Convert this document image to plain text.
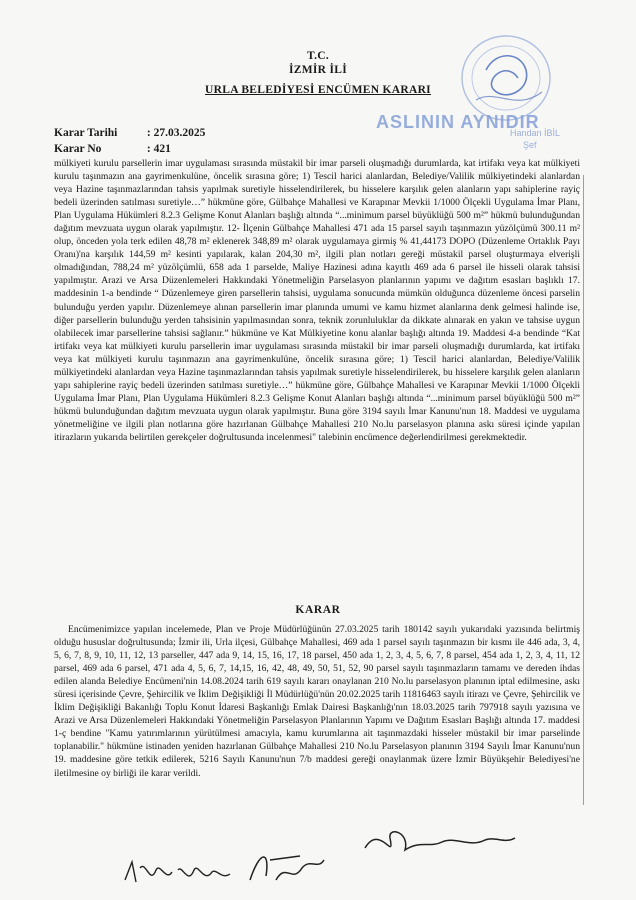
T.C.
İZMİR İLİ
URLA BELEDİYESİ ENCÜMEN KARARI
Karar Tarihi	: 27.03.2025
Karar No	: 421
ASLININ AYNIDIR
Handan İBİL
Şef

mülkiyeti kurulu parsellerin imar uygulaması sırasında müstakil bir imar parseli oluşmadığı durumlarda, kat irtifakı veya kat mülkiyeti kurulu taşınmazın ana gayrimenkulüne, öncelik sırasına göre; 1) Tescil harici alanlardan, Belediye/Valilik mülkiyetindeki alanlardan veya Hazine taşınmazlarından tahsis yapılmak suretiyle hisselendirilerek, bu hisselere karşılık gelen alanların yapı sahiplerine rayiç bedeli üzerinden satılması suretiyle…” hükmüne göre, Gülbahçe Mahallesi ve Karapınar Mevkii 1/1000 Ölçekli Uygulama İmar Planı, Plan Uygulama Hükümleri 8.2.3 Gelişme Konut Alanları başlığı altında “...minimum parsel büyüklüğü 500 m²” hükmü bulunduğundan dağıtım mevzuata uygun olarak yapılmıştır. 12- İlçenin Gülbahçe Mahallesi 471 ada 15 parsel sayılı taşınmazın yüzölçümü 300.11 m² olup, önceden yola terk edilen 48,78 m² eklenerek 348,89 m² olarak uygulamaya girmiş % 41,44173 DOPO (Düzenleme Ortaklık Payı Oranı)'na karşılık 144,59 m² kesinti yapılarak, kalan 204,30 m², ilgili plan notları gereği müstakil parsel oluşturmaya elverişli olmadığından, 788,24 m² yüzölçümlü, 658 ada 1 parselde, Maliye Hazinesi adına kayıtlı 469 ada 6 parsel ile hisseli olarak tahsisi yapılmıştır. Arazi ve Arsa Düzenlemeleri Hakkındaki Yönetmeliğin Parselasyon planlarının yapımı ve dağıtım esasları başlıklı 17. maddesinin 1-a bendinde “ Düzenlemeye giren parsellerin tahsisi, uygulama sonucunda mümkün olduğunca düzenleme öncesi parselin bulunduğu yerden yapılır. Düzenlemeye alınan parsellerin imar planında umumi ve kamu hizmet alanlarına denk gelmesi halinde ise, diğer parsellerin bulunduğu yerden tahsisinin yapılmasından sonra, teknik zorunluluklar da dikkate alınarak en yakın ve tahsise uygun olabilecek imar parsellerine tahsisi sağlanır.” hükmüne ve Kat Mülkiyetine konu alanlar başlığı altında 19. Maddesi 4-a bendinde “Kat irtifakı veya kat mülkiyeti kurulu parsellerin imar uygulaması sırasında müstakil bir imar parseli oluşmadığı durumlarda, kat irtifakı veya kat mülkiyeti kurulu taşınmazın ana gayrimenkulüne, öncelik sırasına göre; 1) Tescil harici alanlardan, Belediye/Valilik mülkiyetindeki alanlardan veya Hazine taşınmazlarından tahsis yapılmak suretiyle hisselendirilerek, bu hisselere karşılık gelen alanların yapı sahiplerine rayiç bedeli üzerinden satılması suretiyle…” hükmüne göre, Gülbahçe Mahallesi ve Karapınar Mevkii 1/1000 Ölçekli Uygulama İmar Planı, Plan Uygulama Hükümleri 8.2.3 Gelişme Konut Alanları başlığı altında “...minimum parsel büyüklüğü 500 m²” hükmü bulunduğundan dağıtım mevzuata uygun olarak yapılmıştır. Buna göre 3194 sayılı İmar Kanunu'nun 18. Maddesi ve uygulama yönetmeliğine ve ilgili plan notlarına göre hazırlanan Gülbahçe Mahallesi 210 No.lu parselasyon planına askı süresi içinde yapılan itirazların yukarıda belirtilen gerekçeler doğrultusunda incelenmesi" talebinin encümence değerlendirilmesi gerekmektedir.

KARAR

Encümenimizce yapılan incelemede, Plan ve Proje Müdürlüğünün 27.03.2025 tarih 180142 sayılı yukarıdaki yazısında belirtmiş olduğu hususlar doğrultusunda; İzmir ili, Urla ilçesi, Gülbahçe Mahallesi, 469 ada 1 parsel sayılı taşınmazın bir kısmı ile 446 ada, 3, 4, 5, 6, 7, 8, 9, 10, 11, 12, 13 parseller, 447 ada 9, 14, 15, 16, 17, 18 parsel, 450 ada 1, 2, 3, 4, 5, 6, 7, 8 parsel, 454 ada 1, 2, 3, 4, 11, 12 parsel, 469 ada 6 parsel, 471 ada 4, 5, 6, 7, 14,15, 16, 42, 48, 49, 50, 51, 52, 90 parsel sayılı taşınmazların tamamı ve dereden ihdas edilen alanda Belediye Encümeni'nin 14.08.2024 tarih 619 sayılı kararı onaylanan 210 No.lu parselasyon planının iptal edilmesine, askı süresi içerisinde Çevre, Şehircilik ve İklim Değişikliği İl Müdürlüğü'nün 20.02.2025 tarih 11816463 sayılı itirazı ve Çevre, Şehircilik ve İklim Değişikliği Bakanlığı Toplu Konut İdaresi Başkanlığı Emlak Dairesi Başkanlığı'nın 18.03.2025 tarih 797918 sayılı yazısına ve Arazi ve Arsa Düzenlemeleri Hakkındaki Yönetmeliğin Parselasyon Planlarının Yapımı ve Dağıtım Esasları Başlığı altında 17. maddesi 1-ç bendine "Kamu yatırımlarının yürütülmesi amacıyla, kamu kurumlarına ait taşınmazdaki hisseler müstakil bir imar parselinde toplanabilir." hükmüne istinaden yeniden hazırlanan Gülbahçe Mahallesi 210 No.lu Parselasyon planının 3194 Sayılı İmar Kanunu'nun 19. maddesine göre tetkik edilerek, 5216 Sayılı Kanunu'nun 7/b maddesi gereği onaylanmak üzere İzmir Büyükşehir Belediyesi'ne iletilmesine oy birliği ile karar verildi.
